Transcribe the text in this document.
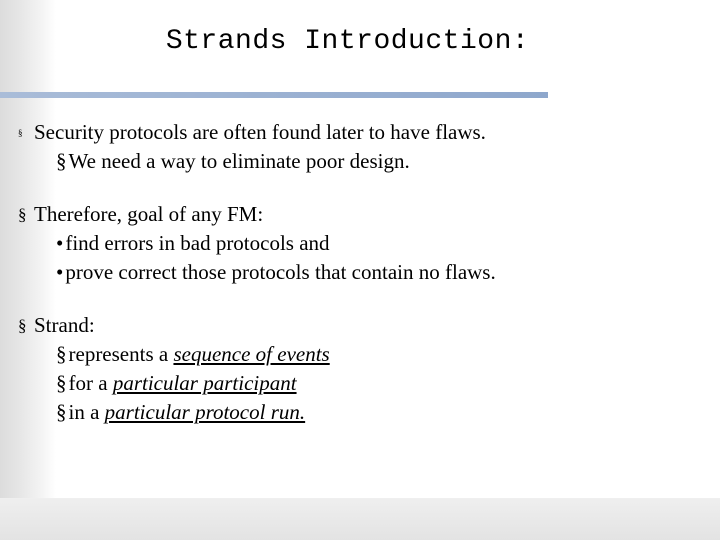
Strands Introduction:
§ Security protocols are often found later to have flaws.
§We need a way to eliminate poor design.
§ Therefore, goal of any FM:
•find errors in bad protocols and
•prove correct those protocols that contain no flaws.
§ Strand:
§represents a sequence of events
§for a particular participant
§in a particular protocol run.
